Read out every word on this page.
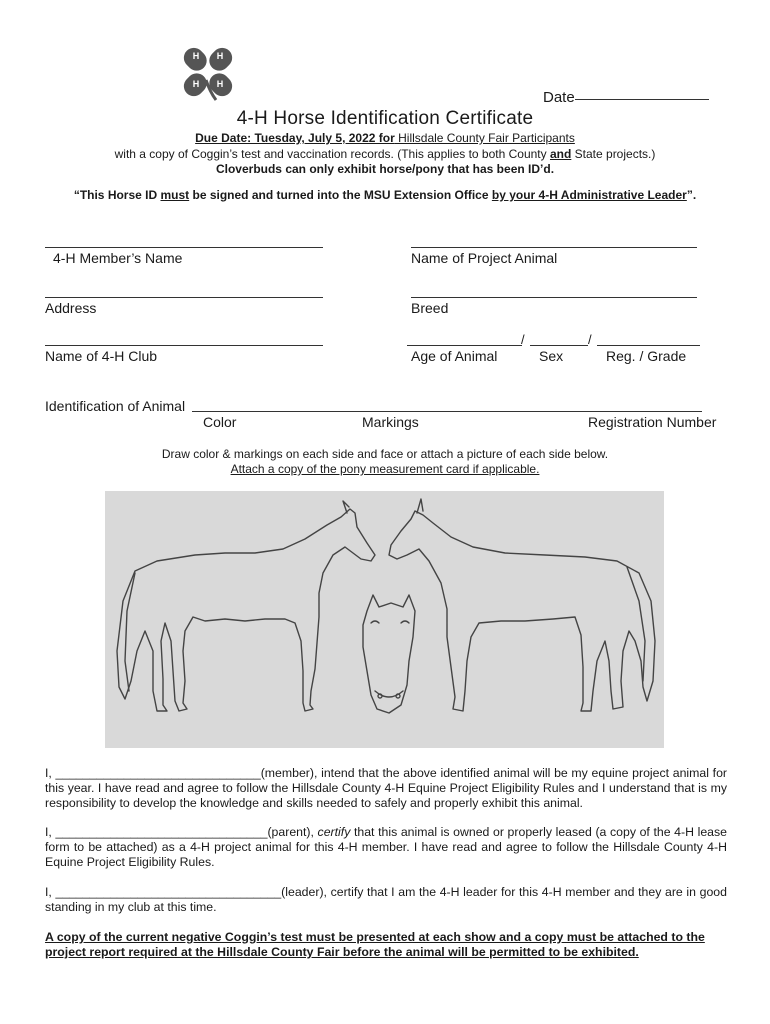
H H
H H
Date
4-H Horse Identification Certificate
Due Date: Tuesday, July 5, 2022 for Hillsdale County Fair Participants
with a copy of Coggin’s test and vaccination records. (This applies to both County and State projects.)
Cloverbuds can only exhibit horse/pony that has been ID’d.
“This Horse ID must be signed and turned into the MSU Extension Office by your 4-H Administrative Leader”.
4-H Member’s Name	Name of Project Animal
Address	Breed
/	/
Name of 4-H Club	Age of Animal	Sex	Reg. / Grade
Identification of Animal
Color	Markings	Registration Number
Draw color & markings on each side and face or attach a picture of each side below.
Attach a copy of the pony measurement card if applicable.
I, ______________________________(member), intend that the above identified animal will be my equine project animal for this year. I have read and agree to follow the Hillsdale County 4-H Equine Project Eligibility Rules and I understand that is my responsibility to develop the knowledge and skills needed to safely and properly exhibit this animal.
I, _______________________________(parent), certify that this animal is owned or properly leased (a copy of the 4-H lease form to be attached) as a 4-H project animal for this 4-H member. I have read and agree to follow the Hillsdale County 4-H Equine Project Eligibility Rules.
I, _________________________________(leader), certify that I am the 4-H leader for this 4-H member and they are in good standing in my club at this time.
A copy of the current negative Coggin’s test must be presented at each show and a copy must be attached to the project report required at the Hillsdale County Fair before the animal will be permitted to be exhibited.
